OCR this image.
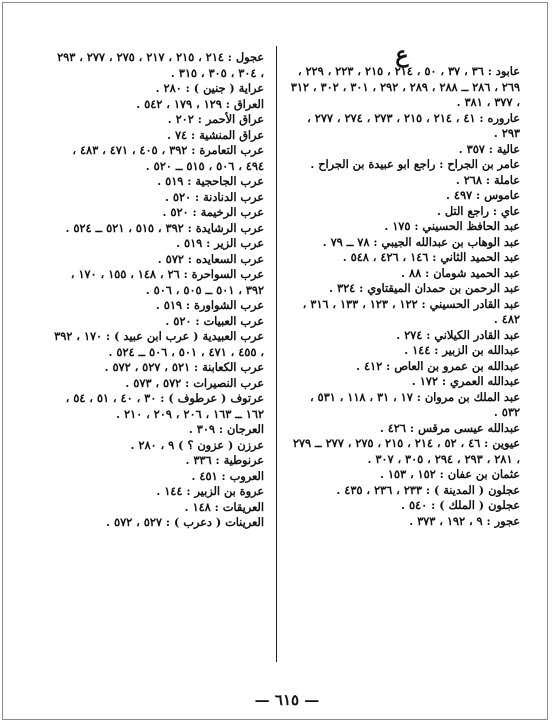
ع

عابود : ٣٦ ، ٣٧ ، ٥٠ ، ٢١٤ ، ٢١٥ ، ٢٢٣ ، ٢٢٩ ، ٢٦٩ ، ٢٨٦ ــ ٢٨٨ ، ٢٨٩ ، ٢٩٢ ، ٣٠١ ، ٣٠٢ ، ٣١٢ ، ٣٧٧ ، ٣٨١ .

عاروره : ٤١ ، ٢١٤ ، ٢١٥ ، ٢٧٣ ، ٢٧٤ ، ٢٧٧ ، ٢٩٣ .

عالية : ٣٥٧ .

عامر بن الجراح : راجع ابو عبيدة بن الجراح .

عاملة : ٢٦٨ .

عاموس : ٤٩٧ .

عاي : راجع التل .

عبد الحافظ الحسيني : ١٧٥ .

عبد الوهاب بن عبدالله الجيبي : ٧٨ ــ ٧٩ .

عبد الحميد الثاني : ١٤٦ ، ٤٢٦ ، ٥٤٨ .

عبد الحميد شومان : ٨٨ .

عبد الرحمن بن حمدان الميقتاوي : ٣٢٤ .

عبد القادر الحسيني : ١٢٢ ، ١٢٣ ، ١٣٣ ، ٣١٦ ، ٤٨٢ .

عبد القادر الكيلاني : ٢٧٤ .

عبدالله بن الزبير : ١٤٤ .

عبدالله بن عمرو بن العاص : ٤١٢ .

عبدالله العمري : ١٧٢ .

عبد الملك بن مروان : ١٧ ، ٣١ ، ١١٨ ، ٥٣١ ، ٥٣٢ .

عبدالله عيسى مرقس : ٤٢٦ .

عيوين : ٤٦ ، ٥٢ ، ٢١٤ ، ٢١٥ ، ٢٧٥ ، ٢٧٧ ــ ٢٧٩ ، ٢٨١ ، ٢٩٣ ، ٢٩٤ ، ٣٠٥ ، ٣٠٧ .

عثمان بن عفان : ١٥٢ ، ١٥٣ .

عجلون ( المدينة ) : ٢٣٣ ، ٢٣٦ ، ٤٣٥ .

عجلون ( الملك ) : ٥٤٠ .

عجور : ٩ ، ١٩٢ ، ٣٧٣ .

عجول : ٢١٤ ، ٢١٥ ، ٢١٧ ، ٢٧٥ ، ٢٧٧ ، ٢٩٣ ، ٣٠٤ ، ٣٠٥ ، ٣١٥ .

عراية ( جنين ) : ٢٨٠ .

العراق : ١٢٩ ، ١٧٩ ، ٥٤٢ .

عراق الأحمر : ٢٠٢ .

عراق المنشية : ٧٤ .

عرب التعامرة : ٣٩٢ ، ٤٠٥ ، ٤٧١ ، ٤٨٣ ، ٤٩٤ ، ٥٠٦ ، ٥١٥ ــ ٥٢٠ .

عرب الجاحجية : ٥١٩ .

عرب الدنادنة : ٥٢٠ .

عرب الرخيمة : ٥٢٠ .

عرب الرشايدة : ٣٩٢ ، ٥١٥ ، ٥٢١ ــ ٥٢٤ .

عرب الزير : ٥١٩ .

عرب السعايده : ٥٧٢ .

عرب السواحرة : ٢٦ ، ١٤٨ ، ١٥٥ ، ١٧٠ ، ٣٩٢ ، ٥٠١ ــ ٥٠٥ ، ٥٠٦ .

عرب الشواورة : ٥١٩ .

عرب العبيات : ٥٢٠ .

عرب العبيدية ( عرب ابن عبيد ) : ١٧٠ ، ٣٩٢ ، ٤٥٥ ، ٤٧١ ، ٥٠١ ، ٥٠٦ ــ ٥٢٤ .

عرب الكعابنة : ٥٢١ ، ٥٢٧ ، ٥٧٢ .

عرب النصيرات : ٥٧٢ ، ٥٧٣ .

عرتوف ( عرطوف ) : ٣٠ ، ٤٠ ، ٥١ ، ٥٤ ، ١٦٢ ــ ١٦٣ ، ٢٠٦ ، ٢٠٩ ، ٢١٠ .

العرجان : ٣٠٩ .

عرزن ( عزون ؟ ) ٩ ، ٢٨٠ .

عرنوطية : ٣٣٦ .

العروب : ٤٥١ .

عروة بن الزبير : ١٤٤ .

العريقات : ١٤٨ .

العرينات ( دعرب ) : ٥٢٧ ، ٥٧٢ .

— ٦١٥ —
